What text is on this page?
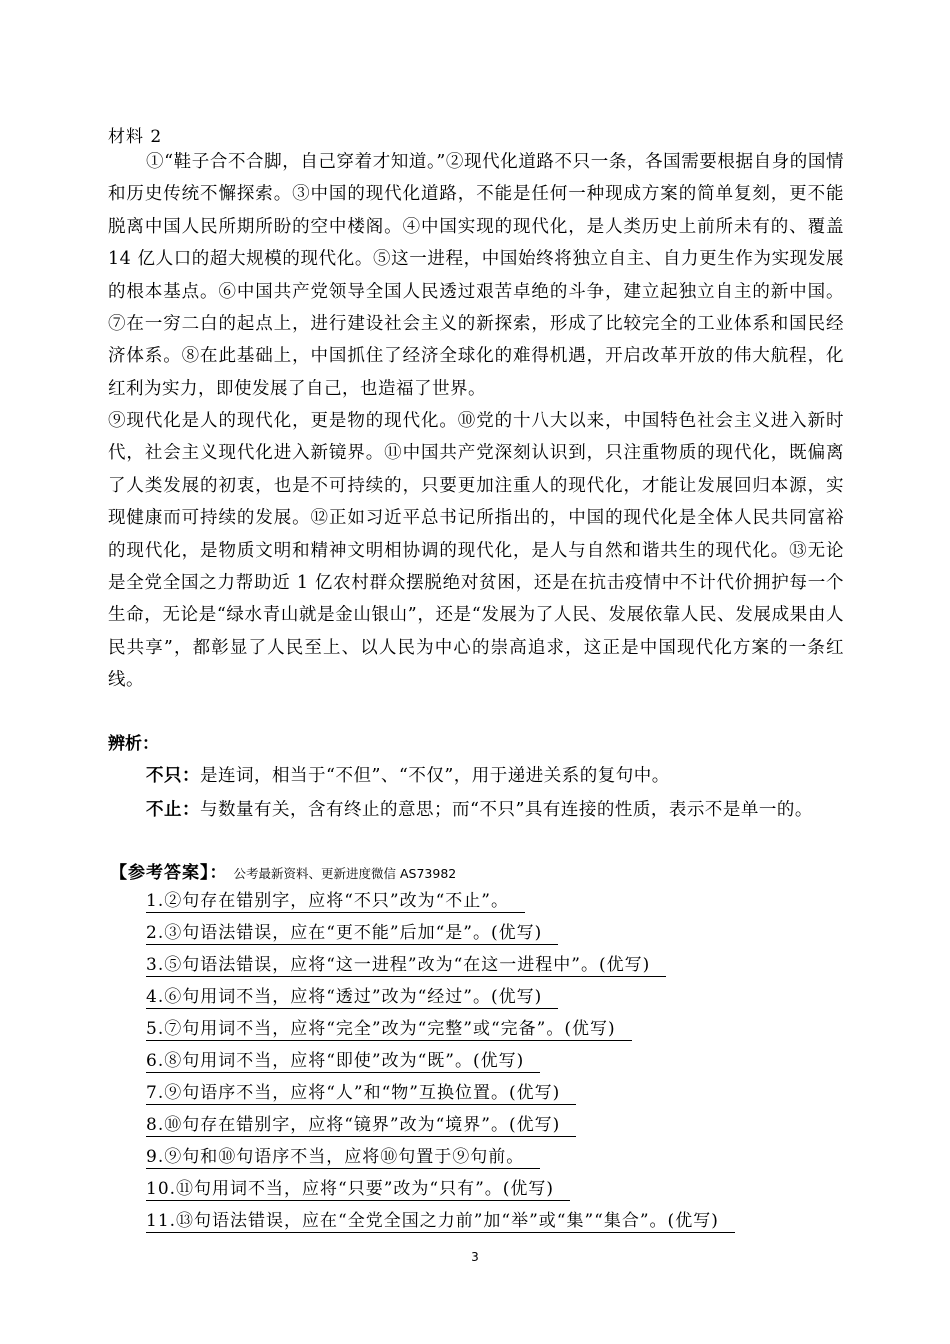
材料 2

①“鞋子合不合脚，自己穿着才知道。”②现代化道路不只一条，各国需要根据自身的国情和历史传统不懈探索。③中国的现代化道路，不能是任何一种现成方案的简单复刻，更不能脱离中国人民所期所盼的空中楼阁。④中国实现的现代化，是人类历史上前所未有的、覆盖 14 亿人口的超大规模的现代化。⑤这一进程，中国始终将独立自主、自力更生作为实现发展的根本基点。⑥中国共产党领导全国人民透过艰苦卓绝的斗争，建立起独立自主的新中国。⑦在一穷二白的起点上，进行建设社会主义的新探索，形成了比较完全的工业体系和国民经济体系。⑧在此基础上，中国抓住了经济全球化的难得机遇，开启改革开放的伟大航程，化红利为实力，即使发展了自己，也造福了世界。

⑨现代化是人的现代化，更是物的现代化。⑩党的十八大以来，中国特色社会主义进入新时代，社会主义现代化进入新镜界。⑪中国共产党深刻认识到，只注重物质的现代化，既偏离了人类发展的初衷，也是不可持续的，只要更加注重人的现代化，才能让发展回归本源，实现健康而可持续的发展。⑫正如习近平总书记所指出的，中国的现代化是全体人民共同富裕的现代化，是物质文明和精神文明相协调的现代化，是人与自然和谐共生的现代化。⑬无论是全党全国之力帮助近 1 亿农村群众摆脱绝对贫困，还是在抗击疫情中不计代价拥护每一个生命，无论是“绿水青山就是金山银山”，还是“发展为了人民、发展依靠人民、发展成果由人民共享”，都彰显了人民至上、以人民为中心的崇高追求，这正是中国现代化方案的一条红线。

辨析：
不只：是连词，相当于“不但”、“不仅”，用于递进关系的复句中。
不止：与数量有关，含有终止的意思；而“不只”具有连接的性质，表示不是单一的。
【参考答案】： 公考最新资料、更新进度微信 AS73982
1.②句存在错别字，应将“不只”改为“不止”。
2.③句语法错误，应在“更不能”后加“是”。(优写)
3.⑤句语法错误，应将“这一进程”改为“在这一进程中”。(优写)
4.⑥句用词不当，应将“透过”改为“经过”。(优写)
5.⑦句用词不当，应将“完全”改为“完整”或“完备”。(优写)
6.⑧句用词不当，应将“即使”改为“既”。(优写)
7.⑨句语序不当，应将“人”和“物”互换位置。(优写)
8.⑩句存在错别字，应将“镜界”改为“境界”。(优写)
9.⑨句和⑩句语序不当，应将⑩句置于⑨句前。
10.⑪句用词不当，应将“只要”改为“只有”。(优写)
11.⑬句语法错误，应在“全党全国之力前”加“举”或“集”“集合”。(优写)
3
